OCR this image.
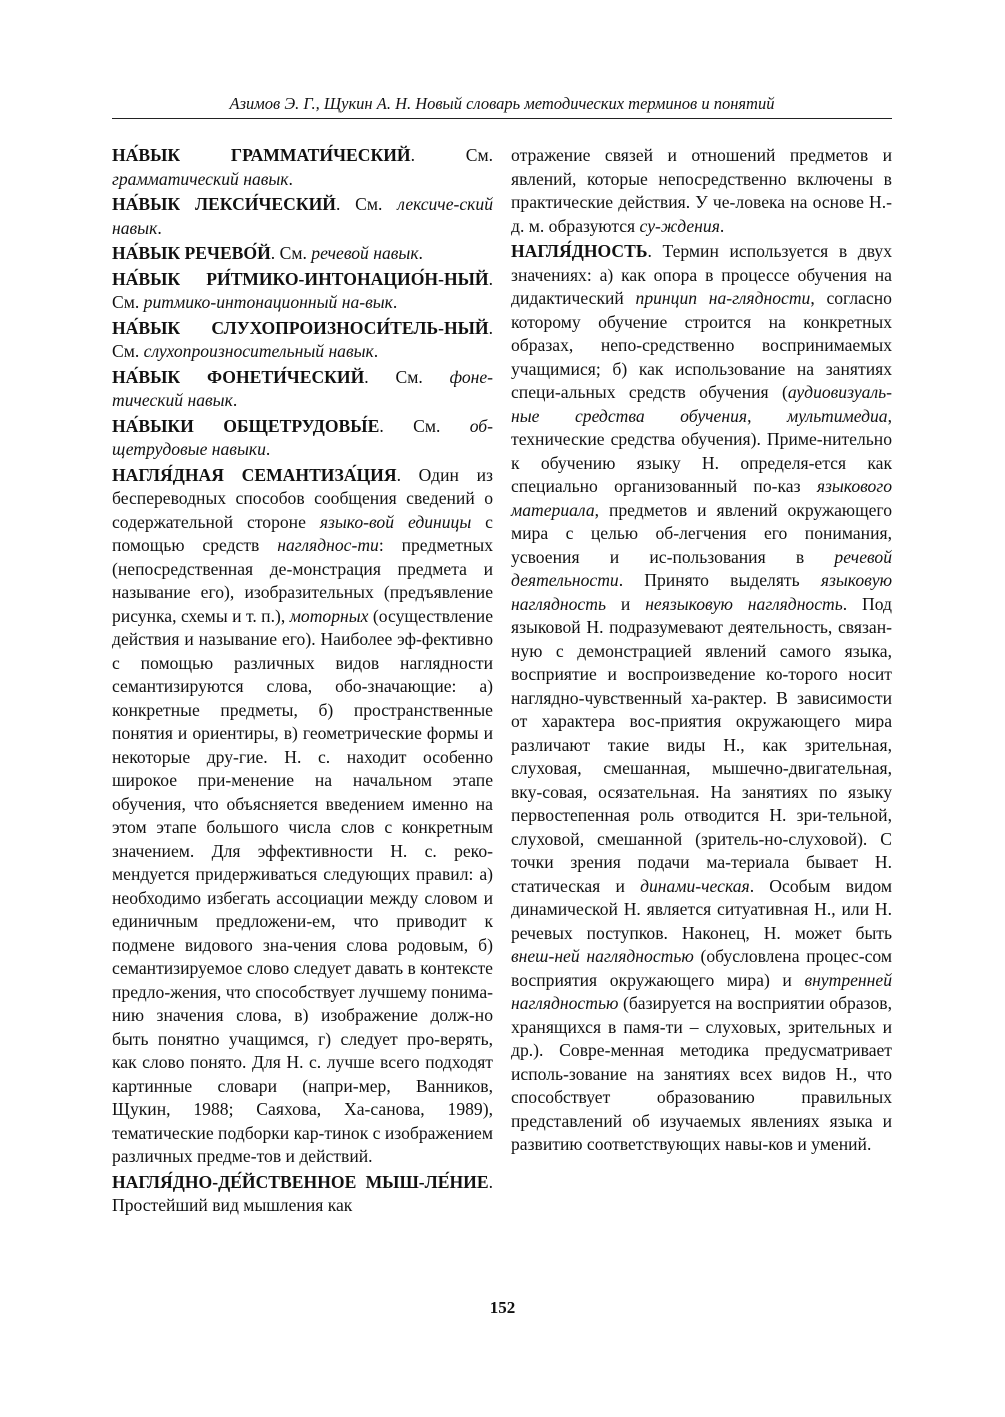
Азимов Э. Г., Щукин А. Н. Новый словарь методических терминов и понятий

НА́ВЫК ГРАММАТИ́ЧЕСКИЙ. См. грамматический навык.

НА́ВЫК ЛЕКСИ́ЧЕСКИЙ. См. лексиче-ский навык.

НА́ВЫК РЕЧЕВО́Й. См. речевой навык.

НА́ВЫК РИ́ТМИКО-ИНТОНАЦИО́Н-НЫЙ. См. ритмико-интонационный на-вык.

НА́ВЫК СЛУХОПРОИЗНОСИ́ТЕЛЬ-НЫЙ. См. слухопроизносительный навык.

НА́ВЫК ФОНЕТИ́ЧЕСКИЙ. См. фоне-тический навык.

НА́ВЫКИ ОБЩЕТРУДОВЫ́Е. См. об-щетрудовые навыки.

НАГЛЯ́ДНАЯ СЕМАНТИЗА́ЦИЯ. Один из беспереводных способов сообщения сведений о содержательной стороне языко-вой единицы с помощью средств нагляднос-ти: предметных (непосредственная де-монстрация предмета и называние его), изобразительных (предъявление рисунка, схемы и т. п.), моторных (осуществление действия и называние его). Наиболее эф-фективно с помощью различных видов наглядности семантизируются слова, обо-значающие: а) конкретные предметы, б) пространственные понятия и ориентиры, в) геометрические формы и некоторые дру-гие. Н. с. находит особенно широкое при-менение на начальном этапе обучения, что объясняется введением именно на этом этапе большого числа слов с конкретным значением. Для эффективности Н. с. реко-мендуется придерживаться следующих правил: а) необходимо избегать ассоциации между словом и единичным предложени-ем, что приводит к подмене видового зна-чения слова родовым, б) семантизируемое слово следует давать в контексте предло-жения, что способствует лучшему понима-нию значения слова, в) изображение долж-но быть понятно учащимся, г) следует про-верять, как слово понято. Для Н. с. лучше всего подходят картинные словари (напри-мер, Ванников, Щукин, 1988; Саяхова, Ха-санова, 1989), тематические подборки кар-тинок с изображением различных предме-тов и действий.

НАГЛЯ́ДНО-ДЕ́ЙСТВЕННОЕ МЫШ-ЛЕ́НИЕ. Простейший вид мышления как

отражение связей и отношений предметов и явлений, которые непосредственно включены в практические действия. У че-ловека на основе Н.-д. м. образуются су-ждения.

НАГЛЯ́ДНОСТЬ. Термин используется в двух значениях: а) как опора в процессе обучения на дидактический принцип на-глядности, согласно которому обучение строится на конкретных образах, непо-средственно воспринимаемых учащимися; б) как использование на занятиях специ-альных средств обучения (аудиовизуаль-ные средства обучения, мультимедиа, технические средства обучения). Приме-нительно к обучению языку Н. определя-ется как специально организованный по-каз языкового материала, предметов и явлений окружающего мира с целью об-легчения его понимания, усвоения и ис-пользования в речевой деятельности. Принято выделять языковую наглядность и неязыковую наглядность. Под языковой Н. подразумевают деятельность, связан-ную с демонстрацией явлений самого языка, восприятие и воспроизведение ко-торого носит наглядно-чувственный ха-рактер. В зависимости от характера вос-приятия окружающего мира различают такие виды Н., как зрительная, слуховая, смешанная, мышечно-двигательная, вку-совая, осязательная. На занятиях по языку первостепенная роль отводится Н. зри-тельной, слуховой, смешанной (зритель-но-слуховой). С точки зрения подачи ма-териала бывает Н. статическая и динами-ческая. Особым видом динамической Н. является ситуативная Н., или Н. речевых поступков. Наконец, Н. может быть внеш-ней наглядностью (обусловлена процес-сом восприятия окружающего мира) и внутренней наглядностью (базируется на восприятии образов, хранящихся в памя-ти – слуховых, зрительных и др.). Совре-менная методика предусматривает исполь-зование на занятиях всех видов Н., что способствует образованию правильных представлений об изучаемых явлениях языка и развитию соответствующих навы-ков и умений.

152
